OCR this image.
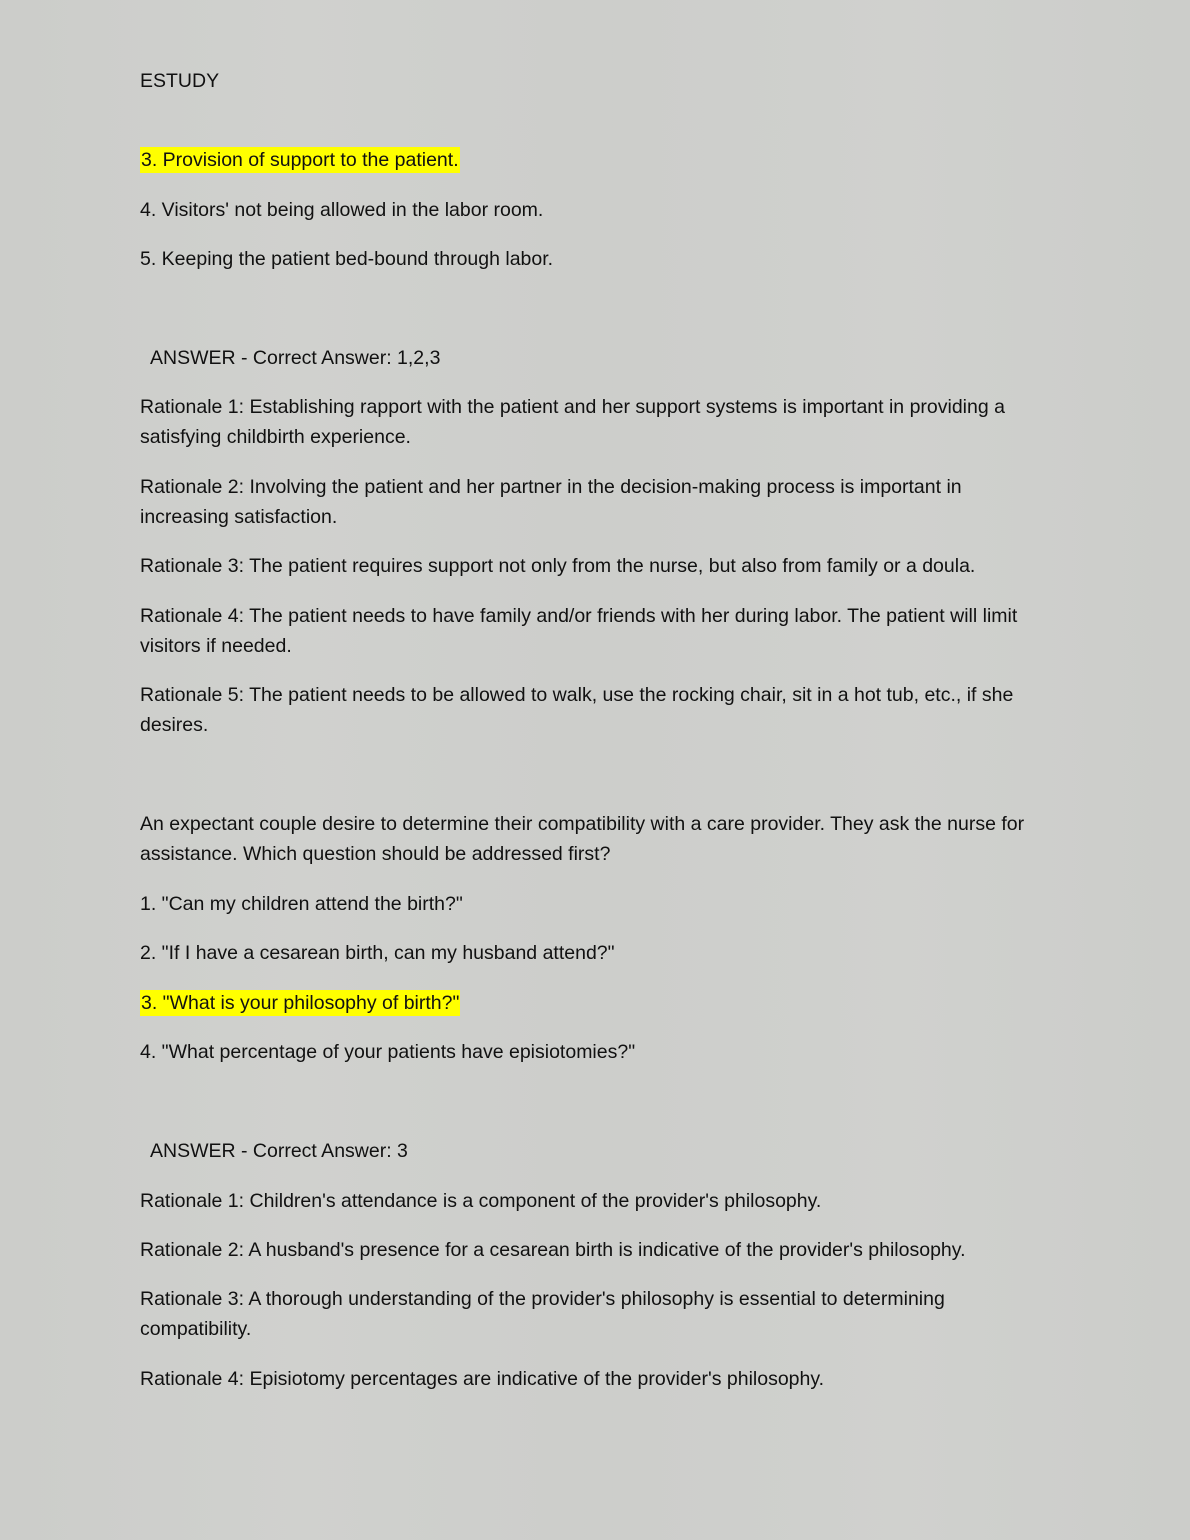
ESTUDY
3. Provision of support to the patient.
4. Visitors' not being allowed in the labor room.
5. Keeping the patient bed-bound through labor.
ANSWER - Correct Answer: 1,2,3
Rationale 1: Establishing rapport with the patient and her support systems is important in providing a satisfying childbirth experience.
Rationale 2: Involving the patient and her partner in the decision-making process is important in increasing satisfaction.
Rationale 3: The patient requires support not only from the nurse, but also from family or a doula.
Rationale 4: The patient needs to have family and/or friends with her during labor. The patient will limit visitors if needed.
Rationale 5: The patient needs to be allowed to walk, use the rocking chair, sit in a hot tub, etc., if she desires.
An expectant couple desire to determine their compatibility with a care provider. They ask the nurse for assistance. Which question should be addressed first?
1. "Can my children attend the birth?"
2. "If I have a cesarean birth, can my husband attend?"
3. "What is your philosophy of birth?"
4. "What percentage of your patients have episiotomies?"
ANSWER - Correct Answer: 3
Rationale 1: Children's attendance is a component of the provider's philosophy.
Rationale 2: A husband's presence for a cesarean birth is indicative of the provider's philosophy.
Rationale 3: A thorough understanding of the provider's philosophy is essential to determining compatibility.
Rationale 4: Episiotomy percentages are indicative of the provider's philosophy.
